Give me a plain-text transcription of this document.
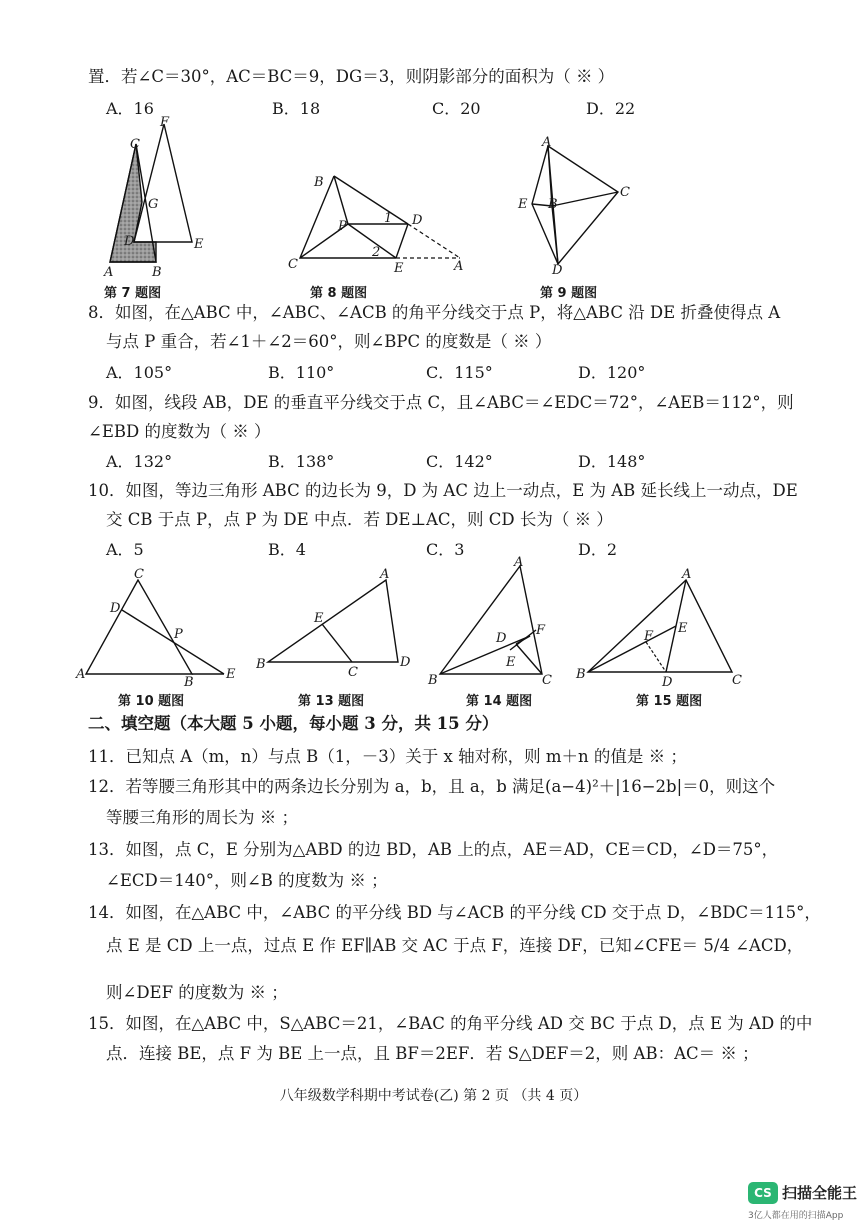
置．若∠C＝30°，AC＝BC＝9，DG＝3，则阴影部分的面积为（ ※ ）
A．16	B．18	C．20	D．22
C
F
G
D	E
A	B
第 7 题图
B
P
1 D
2
C	E	A
第 8 题图
A
C
E B
D
第 9 题图
8．如图，在△ABC 中，∠ABC、∠ACB 的角平分线交于点 P，将△ABC 沿 DE 折叠使得点 A
与点 P 重合，若∠1＋∠2＝60°，则∠BPC 的度数是（ ※ ）
A．105°	B．110°	C．115°	D．120°
9．如图，线段 AB，DE 的垂直平分线交于点 C，且∠ABC＝∠EDC＝72°，∠AEB＝112°，则
∠EBD 的度数为（ ※ ）
A．132°	B．138°	C．142°	D．148°
10．如图，等边三角形 ABC 的边长为 9，D 为 AC 边上一动点，E 为 AB 延长线上一动点，DE
交 CB 于点 P，点 P 为 DE 中点．若 DE⊥AC，则 CD 长为（ ※ ）
A．5	B．4	C．3	D．2
C
D
P
A
B
E
第 10 题图
A
E
B
C
D
第 13 题图
A
D
F
E
B	C
第 14 题图
A
F
E
B
D	C
第 15 题图
二、填空题（本大题 5 小题，每小题 3 分，共 15 分）
11．已知点 A（m，n）与点 B（1，－3）关于 x 轴对称，则 m＋n 的值是 ※ ；
12．若等腰三角形其中的两条边长分别为 a，b，且 a，b 满足(a−4)²＋|16−2b|＝0，则这个
等腰三角形的周长为 ※ ；
13．如图，点 C，E 分别为△ABD 的边 BD，AB 上的点，AE＝AD，CE＝CD，∠D＝75°，
∠ECD＝140°，则∠B 的度数为 ※ ；
14．如图，在△ABC 中，∠ABC 的平分线 BD 与∠ACB 的平分线 CD 交于点 D，∠BDC＝115°，
点 E 是 CD 上一点，过点 E 作 EF∥AB 交 AC 于点 F，连接 DF，已知∠CFE＝ 5/4 ∠ACD，
则∠DEF 的度数为 ※ ；
15．如图，在△ABC 中，S△ABC＝21，∠BAC 的角平分线 AD 交 BC 于点 D，点 E 为 AD 的中
点．连接 BE，点 F 为 BE 上一点，且 BF＝2EF．若 S△DEF＝2，则 AB：AC＝ ※ ；
八年级数学科期中考试卷(乙) 第 2 页 （共 4 页）
CS 扫描全能王
3亿人都在用的扫描App
